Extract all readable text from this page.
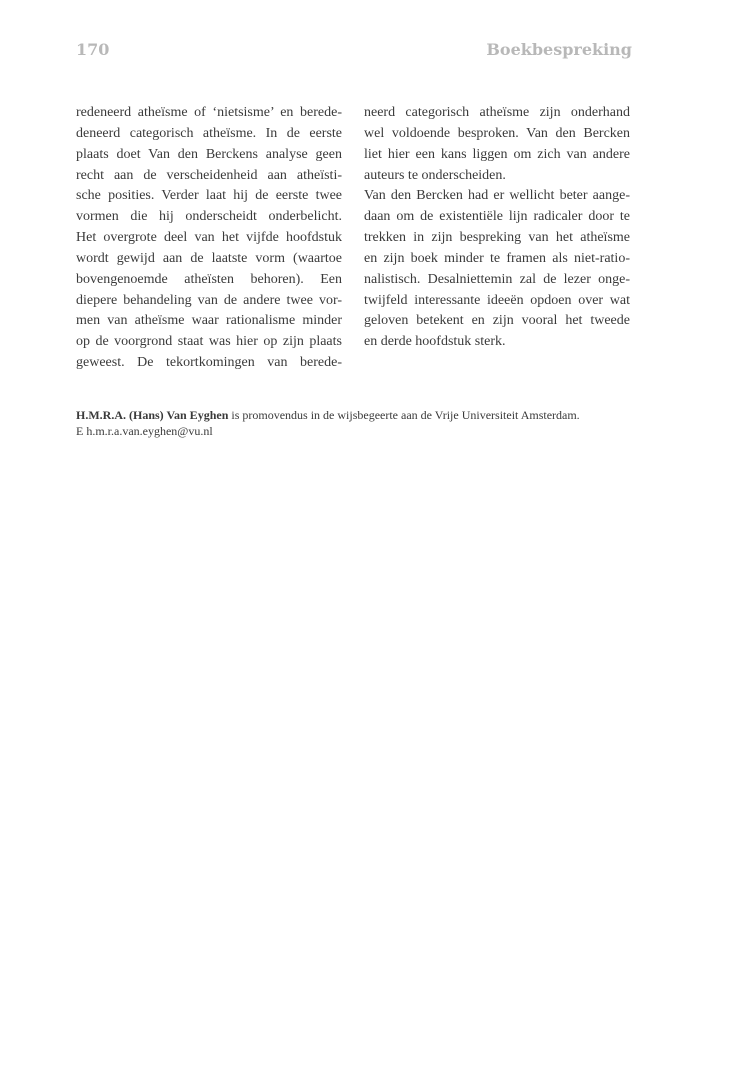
170	Boekbespreking
redeneerd atheïsme of ‘nietsisme’ en berede-
deneerd categorisch atheïsme. In de eerste
plaats doet Van den Berckens analyse geen
recht aan de verscheidenheid aan atheïsti-
sche posities. Verder laat hij de eerste twee
vormen die hij onderscheidt onderbelicht.
Het overgrote deel van het vijfde hoofdstuk
wordt gewijd aan de laatste vorm (waartoe
bovengenoemde atheïsten behoren). Een
diepere behandeling van de andere twee vor-
men van atheïsme waar rationalisme minder
op de voorgrond staat was hier op zijn plaats
geweest. De tekortkomingen van berede-
neerd categorisch atheïsme zijn onderhand
wel voldoende besproken. Van den Bercken
liet hier een kans liggen om zich van andere
auteurs te onderscheiden.
Van den Bercken had er wellicht beter aange-
daan om de existentiële lijn radicaler door te
trekken in zijn bespreking van het atheïsme
en zijn boek minder te framen als niet-ratio-
nalistisch. Desalniettemin zal de lezer onge-
twijfeld interessante ideeën opdoen over wat
geloven betekent en zijn vooral het tweede
en derde hoofdstuk sterk.
H.M.R.A. (Hans) Van Eyghen is promovendus in de wijsbegeerte aan de Vrije Universiteit Amsterdam.
E h.m.r.a.van.eyghen@vu.nl
